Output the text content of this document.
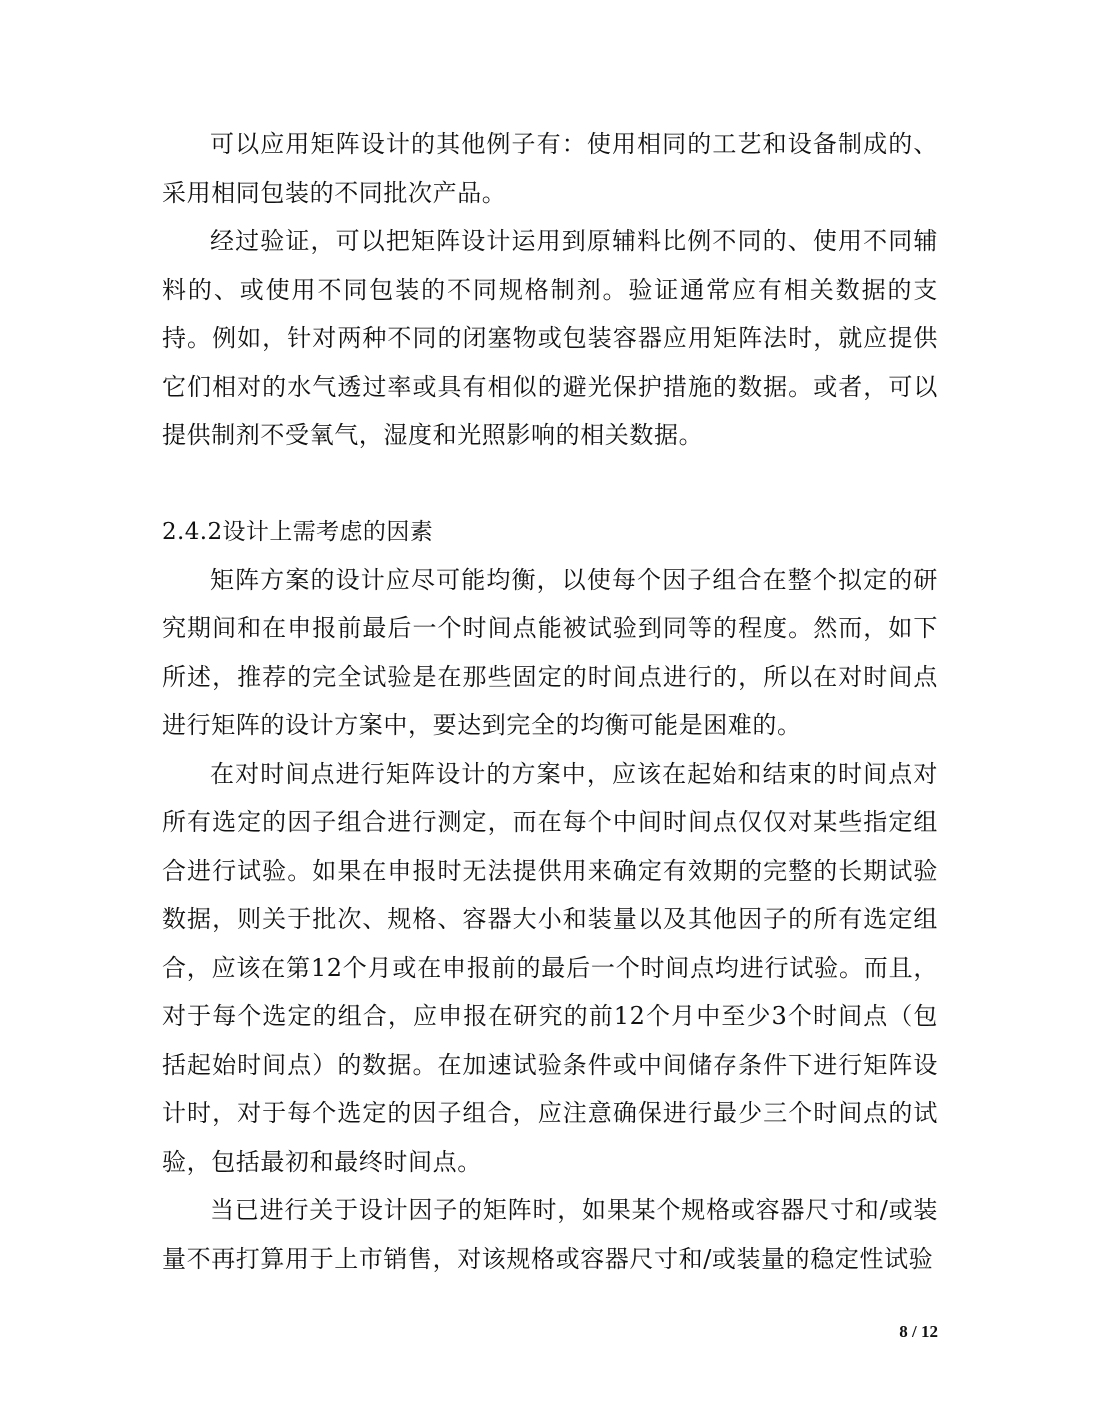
可以应用矩阵设计的其他例子有：使用相同的工艺和设备制成的、采用相同包装的不同批次产品。

经过验证，可以把矩阵设计运用到原辅料比例不同的、使用不同辅料的、或使用不同包装的不同规格制剂。验证通常应有相关数据的支持。例如，针对两种不同的闭塞物或包装容器应用矩阵法时，就应提供它们相对的水气透过率或具有相似的避光保护措施的数据。或者，可以提供制剂不受氧气，湿度和光照影响的相关数据。

2.4.2设计上需考虑的因素

矩阵方案的设计应尽可能均衡，以使每个因子组合在整个拟定的研究期间和在申报前最后一个时间点能被试验到同等的程度。然而，如下所述，推荐的完全试验是在那些固定的时间点进行的，所以在对时间点进行矩阵的设计方案中，要达到完全的均衡可能是困难的。

在对时间点进行矩阵设计的方案中，应该在起始和结束的时间点对所有选定的因子组合进行测定，而在每个中间时间点仅仅对某些指定组合进行试验。如果在申报时无法提供用来确定有效期的完整的长期试验数据，则关于批次、规格、容器大小和装量以及其他因子的所有选定组合，应该在第12个月或在申报前的最后一个时间点均进行试验。而且，对于每个选定的组合，应申报在研究的前12个月中至少3个时间点（包括起始时间点）的数据。在加速试验条件或中间储存条件下进行矩阵设计时，对于每个选定的因子组合，应注意确保进行最少三个时间点的试验，包括最初和最终时间点。

当已进行关于设计因子的矩阵时，如果某个规格或容器尺寸和/或装量不再打算用于上市销售，对该规格或容器尺寸和/或装量的稳定性试验

8 / 12
